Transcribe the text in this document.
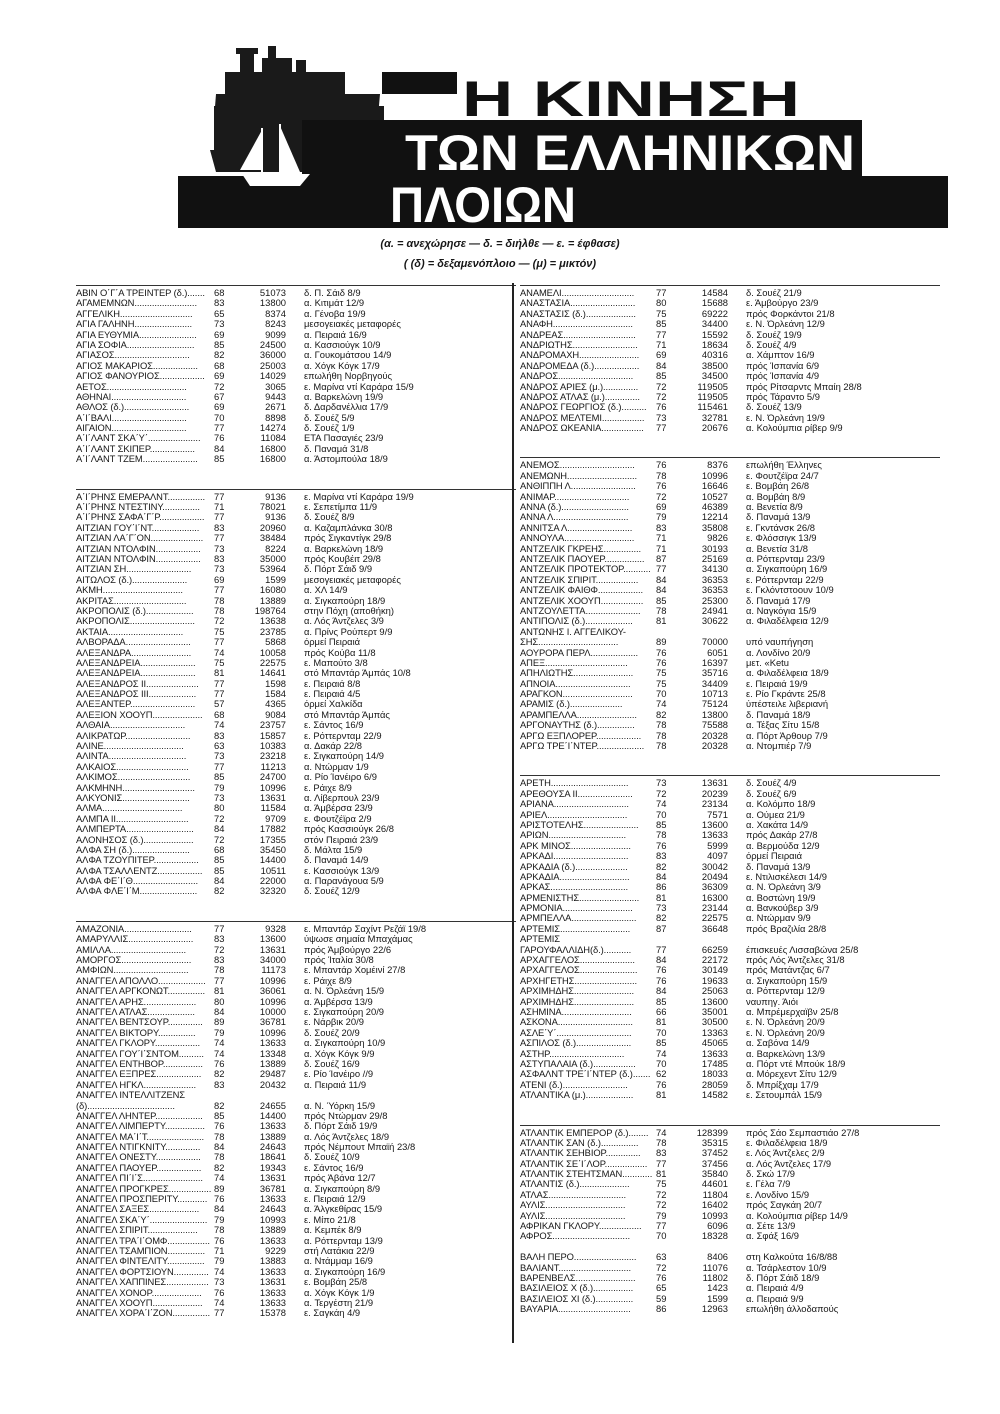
Η ΚΙΝΗΣΗ
ΤΩΝ ΕΛΛΗΝΙΚΩΝ
ΠΛΟΙΩΝ
(α. = ανεχώρησε — δ. = διήλθε — ε. = έφθασε)
( (δ) = δεξαμενόπλοιο — (μ) = μικτόν)
ΑΒΙΝ Ο΄Γ΄Α ΤΡΕΙΝΤΕΡ (δ.)....... 68	51073	δ. Π. Σάιδ 8/9
ΑΓΑΜΕΜΝΩΝ.........................	83	13800	α. Κιτιμάτ 12/9
ΑΓΓΕΛΙΚΗ.............................	65	8374	α. Γένοβα 19/9
ΑΓΙΑ ΓΑΛΗΝΗ.......................	73	8243	μεσογειακές μεταφορές
ΑΓΙΑ ΕΥΘΥΜΙΑ.......................	69	9099	α. Πειραιά 16/9
ΑΓΙΑ ΣΟΦΙΑ...........................	85	24500	α. Κασσιούγκ 10/9
ΑΓΙΑΣΟΣ..............................	82	36000	α. Γουκομάτσου 14/9
ΑΓΙΟΣ ΜΑΚΑΡΙΟΣ..................	68	25003	α. Χόγκ Κόγκ 17/9
ΑΓΙΟΣ ΦΑΝΟΥΡΙΟΣ.................. 69	14029	επωλήθη Νορβηγούς
ΑΕΤΟΣ................................	72	3065	ε. Μαρίνα ντί Καράρα 15/9
ΑΘΗΝΑΙ..............................	67	9443	α. Βαρκελώνη 19/9
ΑΘΛΟΣ (δ.)..........................	69	2671	δ. Δαρδανέλλια 17/9
Α΄Ι΄ΒΑΛΙ..............................	70	8898	δ. Σουέζ 5/9
ΑΙΓΑΙΟΝ..............................	77	14274	δ. Σουέζ 1/9
Α΄Ι΄ΛΑΝΤ ΣΚΑ΄Υ΄.....................	76	11084	ΕΤΑ Πασαγιές 23/9
Α΄Ι΄ΛΑΝΤ ΣΚΙΠΕΡ..................	84	16800	δ. Παναμά 31/8
Α΄Ι΄ΛΑΝΤ ΤΖΕΜ......................	85	16800	α. Άστομπούλα 18/9
Α΄Ι΄ΡΗΝΣ ΕΜΕΡΑΛΝΤ............... 77	9136	ε. Μαρίνα ντί Καράρα 19/9
Α΄Ι΄ΡΗΝΣ ΝΤΕΣΤΙΝΥ...............	71	78021	ε. Σεπετίμπα 11/9
Α΄Ι΄ΡΗΝΣ ΣΑΦΑ΄Γ΄Ρ..................	77	9136	δ. Σουέζ 8/9
ΑΙΤΖΙΑΝ ΓΟΥ΄Ι΄ΝΤ...................	83	20960	α. Καζαμπλάνκα 30/8
ΑΙΤΖΙΑΝ ΛΑ΄Γ΄ΟΝ.....................	77	38484	πρός Σιγκαντίγκ 29/8
ΑΙΤΖΙΑΝ ΝΤΟΛΦΙΝ..................	73	8224	α. Βαρκελώνη 18/9
ΑΙΤΖΙΑΝ ΝΤΟΛΦΙΝ..................	83	35000	πρός Κουβέιτ 29/8
ΑΙΤΖΙΑΝ ΣΗ..........................	73	53964	δ. Πόρτ Σάιδ 9/9
ΑΙΤΩΛΟΣ (δ.)......................	69	1599	μεσογειακές μεταφορές
ΑΚΜΗ................................	77	16080	α. ΧΛ 14/9
ΑΚΡΙΤΑΣ.............................	78	13889	α. Σιγκαπούρη 18/9
ΑΚΡΟΠΟΛΙΣ (δ.)...................	78	198764	στην Πόχη (αποθήκη)
ΑΚΡΟΠΟΛΙΣ..........................	72	13638	α. Λός Άντζελες 3/9
ΑΚΤΑΙΑ..............................	75	23785	α. Πρίνς Ρούπερτ 9/9
ΑΛΒΟΡΑΔΑ..........................	77	5868	όρμεί Πειραιά
ΑΛΕΞΑΝΔΡΑ........................	74	10058	πρός Κούβα 11/8
ΑΛΕΞΑΝΔΡΕΙΑ......................	75	22575	ε. Μαπούτο 3/8
ΑΛΕΞΑΝΔΡΕΙΑ......................	81	14641	στό Μπαντάρ Άμπάς 10/8
ΑΛΕΞΑΝΔΡΟΣ ΙΙ.....................	77	1598	ε. Πειραιά 8/8
ΑΛΕΞΑΝΔΡΟΣ ΙΙΙ...................	77	1584	ε. Πειραιά 4/5
ΑΛΕΞΑΝΤΕΡ..........................	57	4365	όρμεί Χαλκίδα
ΑΛΕΞΙΟΝ ΧΟΟΥΠ....................	68	9084	στό Μπαντάρ Άμπάς
ΑΛΘΑΙΑ..............................	74	23757	ε. Σάντος 16/9
ΑΛΙΚΡΑΤΩΡ..........................	83	15857	ε. Ρόττερνταμ 22/9
ΑΛΙΝΕ................................	63	10383	α. Δακάρ 22/8
ΑΛΙΝΤΑ...............................	73	23218	ε. Σιγκαπούρη 14/9
ΑΛΚΑΙΟΣ.............................	77	11213	α. Ντώρμαν 1/9
ΑΛΚΙΜΟΣ.............................	85	24700	α. Ρίο Ίανέιρο 6/9
ΑΛΚΜΗΝΗ.............................	79	10996	ε. Ράιχε 8/9
ΑΛΚΥΟΝΙΣ...........................	73	13631	α. Λίβερπουλ 23/9
ΑΛΜΑ................................	80	11584	α. Άμβέρσα 23/9
ΑΛΜΠΑ ΙΙ.............................	72	9709	ε. Φουτζέϊρα 2/9
ΑΛΜΠΕΡΤΑ...........................	84	17882	πρός Κασσιούγκ 26/8
ΑΛΟΝΗΣΟΣ (δ.)....................	72	17355	στόν Πειραιά 23/9
ΑΛΦΑ ΣΗ (δ.).......................	68	35450	δ. Μάλτα 15/9
ΑΛΦΑ ΤΖΟΥΠΙΤΕΡ..................	85	14400	δ. Παναμά 14/9
ΑΛΦΑ ΤΣΑΛΛΕΝΤΖ..................	85	10511	ε. Κασσιούγκ 13/9
ΑΛΦΑ ΦΕ΄Ι΄Θ..........................	84	22000	α. Παρανάγουα 5/9
ΑΛΦΑ ΦΛΕ΄Ι΄Μ.......................	82	32320	δ. Σουέζ 12/9
ΑΜΑΖΟΝΙΑ...........................	77	9328	ε. Μπαντάρ Σαχίντ Ρεζάϊ 19/8
ΑΜΑΡΥΛΛΙΣ..........................	83	13600	ύψωσε σημαία Μπαχάμας
ΑΜΙΛΛΑ..............................	72	13631	πρός Άμβούργο 22/6
ΑΜΟΡΓΟΣ............................	83	34000	πρός Ίταλία 30/8
ΑΜΦΙΩΝ..............................	78	11173	ε. Μπαντάρ Χομέινί 27/8
ΑΝΑΓΓΕΛ ΑΠΟΛΛΟ................... 77	10996	ε. Ράιχε 8/9
ΑΝΑΓΓΕΛ ΑΡΓΚΟΝΩΤ............... 81	36061	α. Ν. Όρλεάνη 15/9
ΑΝΑΓΓΕΛ ΑΡΗΣ.....................	80	10996	α. Άμβέρσα 13/9
ΑΝΑΓΓΕΛ ΑΤΛΑΣ...................	84	10000	ε. Σιγκαπούρη 20/9
ΑΝΑΓΓΕΛ ΒΕΝΤΣΟΥΡ..............	89	36781	ε. Νάρβικ 20/9
ΑΝΑΓΓΕΛ ΒΙΚΤΟΡΥ...............	79	10996	δ. Σουέζ 20/9
ΑΝΑΓΓΕΛ ΓΚΛΟΡΥ..................	74	13633	α. Σιγκαπούρη 10/9
ΑΝΑΓΓΕΛ ΓΟΥ΄Ι΄ΣΝΤΟΜ..........	74	13348	α. Χόγκ Κόγκ 9/9
ΑΝΑΓΓΕΛ ΕΝΤΗΒΟΡ................	76	13889	δ. Σουέζ 16/9
ΑΝΑΓΓΕΛ ΕΞΠΡΕΣ..................	82	29487	ε. Ρίο Ίανέιρο //9
ΑΝΑΓΓΕΛ ΗΓΚΛ.....................	83	20432	α. Πειραιά 11/9
ΑΝΑΓΓΕΛ ΙΝΤΕΛΛΙΤΖΕΝΣ
(δ)...................................	82	24655	α. Ν. Ύόρκη 15/9
ΑΝΑΓΓΕΛ ΛΗΝΤΕΡ...................	85	14400	πρός Ντώρμαν 29/8
ΑΝΑΓΓΕΛ ΛΙΜΠΕΡΤΥ................ 76	13633	δ. Πόρτ Σάιδ 19/9
ΑΝΑΓΓΕΛ ΜΑ΄Ι΄Τ.......................	78	13889	α. Λός Άντζελες 18/9
ΑΝΑΓΓΕΛ ΝΤΙΓΚΝΙΤΥ..............	84	24643	πρός Νέμπουτ Μπαϊή 23/8
ΑΝΑΓΓΕΛ ΟΝΕΣΤΥ..................	78	18641	δ. Σουέζ 10/9
ΑΝΑΓΓΕΛ ΠΑΟΥΕΡ..................	82	19343	ε. Σάντος 16/9
ΑΝΑΓΓΕΛ ΠΙ΄Ι΄Σ........................	74	13631	πρός Άβάνα 12/7
ΑΝΑΓΓΕΛ ΠΡΟΓΚΡΕΣ................. 89	36781	α. Σιγκαπούρη 8/9
ΑΝΑΓΓΕΛ ΠΡΟΣΠΕΡΙΤΥ............ 76	13633	ε. Πειραιά 12/9
ΑΝΑΓΓΕΛ ΣΑΞΕΣ....................	84	24643	α. Άλγκεθίρας 15/9
ΑΝΑΓΓΕΛ ΣΚΑ΄Υ΄....................... 79	10993	ε. Μίπο 21/8
ΑΝΑΓΓΕΛ ΣΠΙΡΙΤ....................	78	13889	α. Κεμπέκ 8/9
ΑΝΑΓΓΕΛ ΤΡΑ΄Ι΄ΟΜΦ................. 76	13633	α. Ρόττερνταμ 13/9
ΑΝΑΓΓΕΛ ΤΣΑΜΠΙΟΝ............... 71	9229	στή Λατάκια 22/9
ΑΝΑΓΓΕΛ ΦΙΝΤΕΛΙΤΥ...............	79	13883	α. Ντάμμαμ 16/9
ΑΝΑΓΓΕΛ ΦΟΡΤΣΙΟΥΝ.............. 74	13633	α. Σιγκαπούρη 16/9
ΑΝΑΓΓΕΛ ΧΑΠΠΙΝΕΣ................. 73	13631	ε. Βομβάη 25/8
ΑΝΑΓΓΕΛ ΧΟΝΟΡ....................	76	13633	α. Χόγκ Κόγκ 1/9
ΑΝΑΓΓΕΛ ΧΟΟΥΠ....................	74	13633	α. Τεργέστη 21/9
ΑΝΑΓΓΕΛ ΧΟΡΑ΄Ι΄ΖΟΝ............... 77	15378	ε. Σαγκάη 4/9
ΑΝΑΜΕΛΙ.............................	77	14584	δ. Σουέζ 21/9
ΑΝΑΣΤΑΣΙΑ..........................	80	15688	ε. Άμβούργο 23/9
ΑΝΑΣΤΑΣΙΣ (δ.)....................	75	69222	πρός Φορκάντοι 21/8
ΑΝΑΦΗ................................	85	34400	ε. Ν. Όρλεάνη 12/9
ΑΝΔΡΕΑΣ.............................	77	15592	δ. Σουέζ 19/9
ΑΝΔΡΙΩΤΗΣ..........................	71	18634	δ. Σουέζ 4/9
ΑΝΔΡΟΜΑΧΗ........................	69	40316	α. Χάμπτον 16/9
ΑΝΔΡΟΜΕΔΑ (δ.)..................	84	38500	πρός Ίσπανία 6/9
ΑΝΔΡΟΣ..............................	85	34500	πρός Ίσπανία 4/9
ΑΝΔΡΟΣ ΑΡΙΕΣ (μ.)..............	72	119505	πρός Ρίτσαρντς Μπαίη 28/8
ΑΝΔΡΟΣ ΑΤΛΑΣ (μ.)..............	72	119505	πρός Τάραντο 5/9
ΑΝΔΡΟΣ ΓΕΩΡΓΙΟΣ (δ.)..........	76	115461	δ. Σουέζ 13/9
ΑΝΔΡΟΣ ΜΕΛΤΕΜΙ.................	73	32781	ε. Ν. Όρλεάνη 19/9
ΑΝΔΡΟΣ ΩΚΕΑΝΙΑ.................	77	20676	α. Κολούμπια ρίβερ 9/9
ΑΝΕΜΟΣ..............................	76	8376	επωλήθη Έλληνες
ΑΝΕΜΩΝΗ............................	78	10996	ε. Φουτζέϊρα 24/7
ΑΝΘΙΠΠΗ Λ..........................	76	16646	ε. Βομβάη 26/8
ΑΝΙΜΑΡ..............................	72	10527	α. Βομβάη 8/9
ΑΝΝΑ (δ.)...........................	69	46389	α. Βενετία 8/9
ΑΝΝΑ Λ..............................	79	12214	δ. Παναμά 13/9
ΑΝΝΙΤΣΑ Λ..........................	83	35808	ε. Γκντάνσκ 26/8
ΑΝΝΟΥΛΑ............................	71	9826	ε. Φλόσσιγκ 13/9
ΑΝΤΖΕΛΙΚ ΓΚΡΕΗΣ...............	71	30193	α. Βενετία 31/8
ΑΝΤΖΕΛΙΚ ΠΑΟΥΕΡ................	87	25169	α. Ρόττερνταμ 23/9
ΑΝΤΖΕΛΙΚ ΠΡΟΤΕΚΤΟΡ........... 77	34130	α. Σιγκαπούρη 16/9
ΑΝΤΖΕΛΙΚ ΣΠΙΡΙΤ.................	84	36353	ε. Ρόττερνταμ 22/9
ΑΝΤΖΕΛΙΚ ΦΑΙΘΦ..................	84	36353	ε. Γκλόντστοουν 10/9
ΑΝΤΖΕΛΙΚ ΧΟΟΥΠ.................	85	25300	δ. Παναμά 17/9
ΑΝΤΖΟΥΛΕΤΤΑ......................	78	24941	α. Ναγκόγια 15/9
ΑΝΤΙΠΟΛΙΣ (δ.)...................	81	30622	α. Φιλαδέλφεια 12/9
ΑΝΤΩΝΗΣ Ι. ΑΓΓΕΛΙΚΟΥ-
ΣΗΣ................................	89	70000	υπό ναυπήγηση
ΑΟΥΡΟΡΑ ΠΕΡΛ...................	76	6051	α. Λονδίνο 20/9
ΑΠΕΞ.................................	76	16397	μετ. «Ketu
ΑΠΗΛΙΩΤΗΣ........................	75	35716	α. Φιλαδέλφεια 18/9
ΑΠΝΟΙΑ..............................	75	34409	ε. Πειραιά 19/9
ΑΡΑΓΚΟΝ............................	70	10713	ε. Ρίο Γκράντε 25/8
ΑΡΑΜΙΣ (δ.).....................	74	75124	ύπέστειλε λιβεριανή
ΑΡΑΜΠΕΛΛΑ........................	82	13800	δ. Παναμά 18/9
ΑΡΓΟΝΑΥΤΗΣ (δ.)...............	78	75588	α. Τέξας Σίτυ 15/8
ΑΡΓΩ ΕΞΠΛΟΡΕΡ..................	78	20328	α. Πόρτ Άρθουρ 7/9
ΑΡΓΩ ΤΡΕ΄Ι΄ΝΤΕΡ...................	78	20328	α. Ντομπιέρ 7/9
ΑΡΕΤΗ...............................	73	13631	δ. Σουέζ 4/9
ΑΡΕΘΟΥΣΑ ΙΙ......................	72	20239	δ. Σουέζ 6/9
ΑΡΙΑΝΑ..............................	74	23134	α. Κολόμπο 18/9
ΑΡΙΕΛ................................	70	7571	α. Ούμεα 21/9
ΑΡΙΣΤΟΤΕΛΗΣ......................	85	13600	α. Χακάτα 14/9
ΑΡΙΩΝ...............................	78	13633	πρός Δακάρ 27/8
ΑΡΚ ΜΙΝΟΣ........................	76	5999	α. Βερμούδα 12/9
ΑΡΚΑΔΙ..............................	83	4097	όρμεί Πειραιά
ΑΡΚΑΔΙΑ (δ.).....................	82	30042	δ. Παναμά 13/9
ΑΡΚΑΔΙΑ............................	84	20494	ε. Ντιλισκέλεσι 14/9
ΑΡΚΑΣ...............................	86	36309	α. Ν. Όρλεάνη 3/9
ΑΡΜΕΝΙΣΤΗΣ........................	81	16300	α. Βοστώνη 19/9
ΑΡΜΟΝΙΑ............................	73	23144	α. Βανκούβερ 3/9
ΑΡΜΠΕΛΛΑ..........................	82	22575	α. Ντώρμαν 9/9
ΑΡΤΕΜΙΣ............................	87	36648	πρός Βραζιλία 28/8
ΑΡΤΕΜΙΣ
ΓΑΡΟΥΦΑΛΛΙΔΗ(δ.)...........	77	66259	έπισκευές Λισσαβώνα 25/8
ΑΡΧΑΓΓΕΛΟΣ......................	84	22172	πρός Λός Άντζελες 31/8
ΑΡΧΑΓΓΕΛΟΣ.......................	76	30149	πρός Ματάντζας 6/7
ΑΡΧΗΓΕΤΗΣ.........................	76	19633	α. Σιγκαπούρη 15/9
ΑΡΧΙΜΗΔΗΣ........................	84	25063	α. Ρόττερνταμ 12/9
ΑΡΧΙΜΗΔΗΣ........................	85	13600	ναυπηγ. Άιόι
ΑΣΗΜΙΝΑ............................	66	35001	α. Μπρέμερχαϊβν 25/8
ΑΣΚΟΝΑ..............................	81	30500	ε. Ν. Όρλεάνη 20/9
ΑΣΛΕ΄Υ΄..............................	70	13363	ε. Ν. Όρλεάνη 20/9
ΑΣΠΙΛΟΣ (δ.)......................	85	45065	α. Σαβόνα 14/9
ΑΣΤΗΡ..............................	74	13633	α. Βαρκελώνη 13/9
ΑΣΤΥΠΑΛΑΙΑ (δ.).................	70	17485	α. Πόρτ ντέ Μπούκ 18/9
ΑΣΦΑΛΝΤ ΤΡΕ΄Ι΄ΝΤΕΡ (δ.)....... 62	18033	α. Μόρεχεντ Σίτυ 12/9
ΑΤΕΝΙ (δ.)..........................	76	28059	δ. Μπρίξχαμ 17/9
ΑΤΛΑΝΤΙΚΑ (μ.)...................	81	14582	ε. Σετουμπάλ 15/9
ΑΤΛΑΝΤΙΚ ΕΜΠΕΡΟΡ (δ.)........ 74	128399	πρός Σάο Σεμπαστιάο 27/8
ΑΤΛΑΝΤΙΚ ΣΑΝ (δ.)...............	78	35315	ε. Φιλαδέλφεια 18/9
ΑΤΛΑΝΤΙΚ ΣΕΗΒΙΟΡ..............	83	37452	ε. Λός Άντζελες 2/9
ΑΤΛΑΝΤΙΚ ΣΕ΄Ι΄ΛΟΡ................. 77	37456	α. Λός Άντζελες 17/9
ΑΤΛΑΝΤΙΚ ΣΤΕΗΤΣΜΑΝ............ 81	35840	δ. Σκώ 17/9
ΑΤΛΑΝΤΙΣ (δ.)....................	75	44601	ε. Γέλα 7/9
ΑΤΛΑΣ...............................	72	11804	ε. Λονδίνο 15/9
ΑΥΛΙΣ................................	72	16402	πρός Σαγκάη 20/7
ΑΥΛΙΣ................................	79	10993	α. Κολούμπια ρίβερ 14/9
ΑΦΡΙΚΑΝ ΓΚΛΟΡΥ.................	77	6096	α. Σέτε 13/9
ΑΦΡΟΣ...............................	70	18328	α. Σφάξ 16/9
ΒΑΛΗ ΠΕΡΟ.........................	63	8406	στη Καλκούτα 16/8/88
ΒΑΛΙΑΝΤ.............................	72	11076	α. Τσάρλεστον 10/9
ΒΑΡΕΝΒΕΛΣ........................	76	11802	δ. Πόρτ Σάιδ 18/9
ΒΑΣΙΛΕΙΟΣ Χ (δ.)................	65	1423	α. Πειραιά 4/9
ΒΑΣΙΛΕΙΟΣ ΧΙ (δ.)...............	59	1599	α. Πειραιά 9/9
ΒΑΥΑΡΙΑ.............................	86	12963	επωλήθη άλλοδαπούς
